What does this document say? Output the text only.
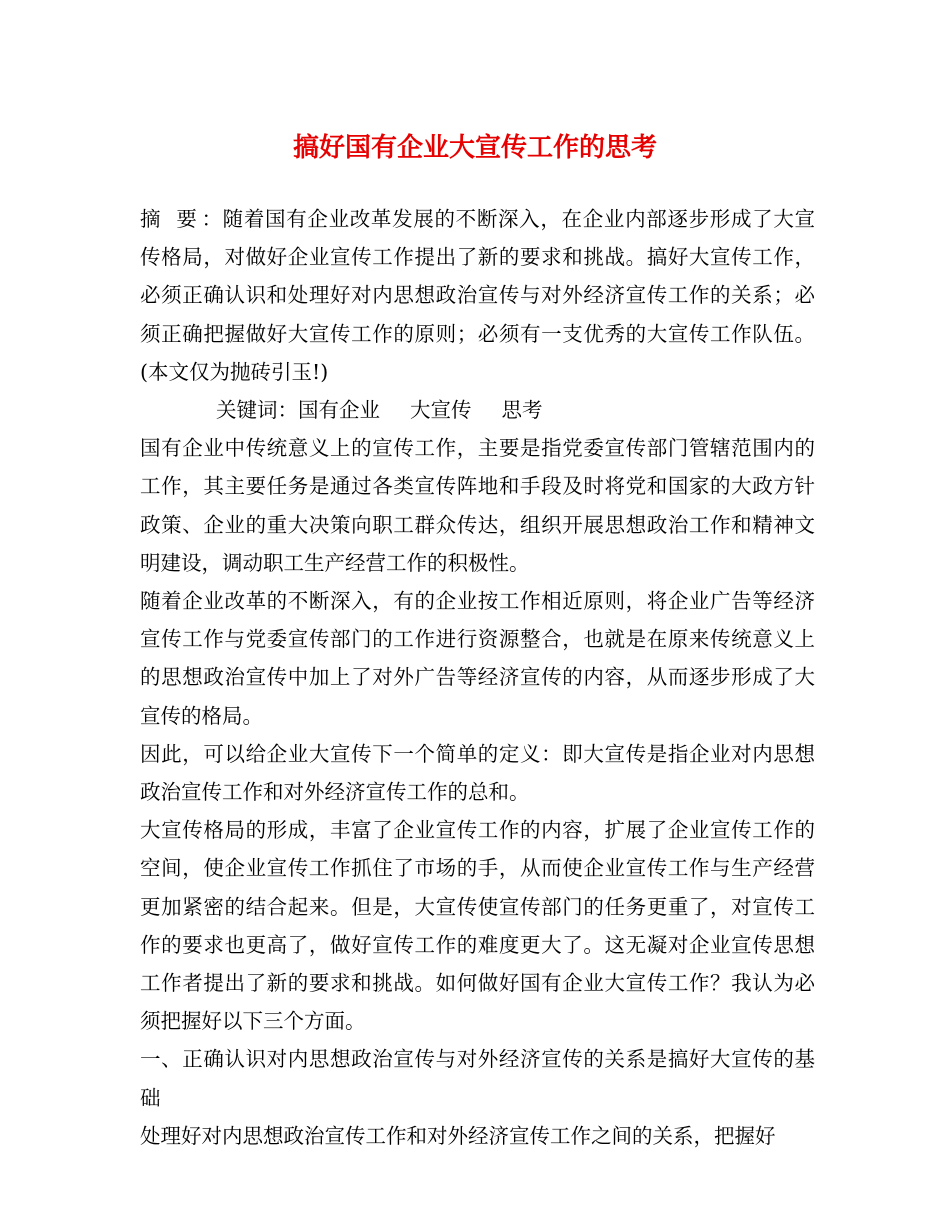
搞好国有企业大宣传工作的思考

摘 要：随着国有企业改革发展的不断深入，在企业内部逐步形成了大宣传格局，对做好企业宣传工作提出了新的要求和挑战。搞好大宣传工作，必须正确认识和处理好对内思想政治宣传与对外经济宣传工作的关系；必须正确把握做好大宣传工作的原则；必须有一支优秀的大宣传工作队伍。(本文仅为抛砖引玉!)

关键词：国有企业 大宣传 思考

国有企业中传统意义上的宣传工作，主要是指党委宣传部门管辖范围内的工作，其主要任务是通过各类宣传阵地和手段及时将党和国家的大政方针政策、企业的重大决策向职工群众传达，组织开展思想政治工作和精神文明建设，调动职工生产经营工作的积极性。

随着企业改革的不断深入，有的企业按工作相近原则，将企业广告等经济宣传工作与党委宣传部门的工作进行资源整合，也就是在原来传统意义上的思想政治宣传中加上了对外广告等经济宣传的内容，从而逐步形成了大宣传的格局。

因此，可以给企业大宣传下一个简单的定义：即大宣传是指企业对内思想政治宣传工作和对外经济宣传工作的总和。

大宣传格局的形成，丰富了企业宣传工作的内容，扩展了企业宣传工作的空间，使企业宣传工作抓住了市场的手，从而使企业宣传工作与生产经营更加紧密的结合起来。但是，大宣传使宣传部门的任务更重了，对宣传工作的要求也更高了，做好宣传工作的难度更大了。这无凝对企业宣传思想工作者提出了新的要求和挑战。如何做好国有企业大宣传工作？我认为必须把握好以下三个方面。

一、正确认识对内思想政治宣传与对外经济宣传的关系是搞好大宣传的基础

处理好对内思想政治宣传工作和对外经济宣传工作之间的关系，把握好
